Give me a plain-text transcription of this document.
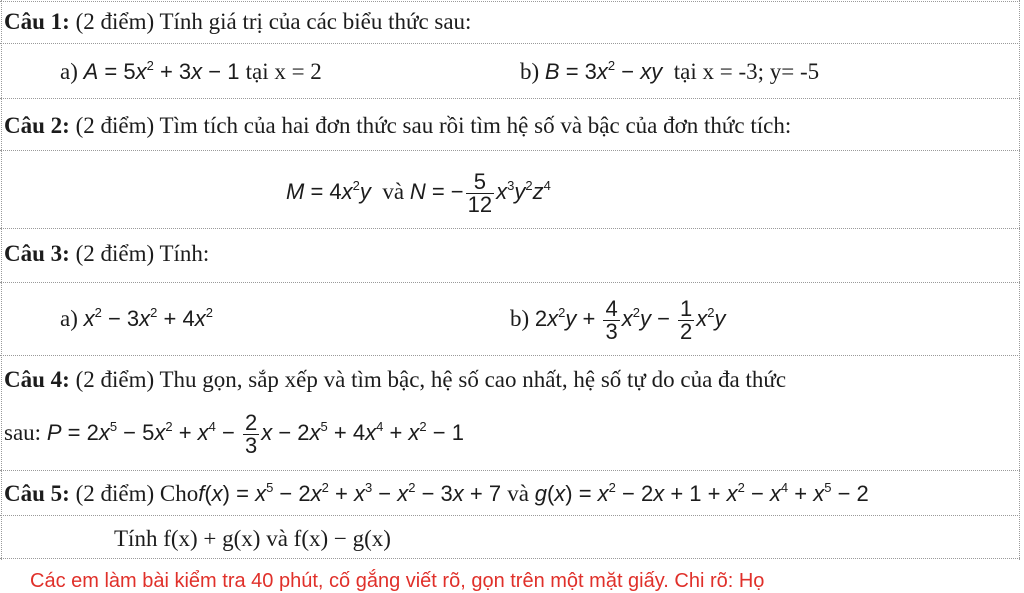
Câu 1: (2 điểm) Tính giá trị của các biểu thức sau:
a) $A = 5x^2 + 3x - 1$ tại x = 2	b) $B = 3x^2$ − xy tại x = -3; y= -5
Câu 2: (2 điểm) Tìm tích của hai đơn thức sau rồi tìm hệ số và bậc của đơn thức tích:
$M = 4x^2y$ và N = − $\frac{5}{12} x^3y^2z^4$
Câu 3: (2 điểm) Tính:
a) $x^2 - 3x^2 + 4x^2$	b) $2x^2y + \frac{4}{3} x^2y - \frac{1}{2} x^2y$
Câu 4: (2 điểm) Thu gọn, sắp xếp và tìm bậc, hệ số cao nhất, hệ số tự do của đa thức
sau: $P = 2x^5 - 5x^2 + x^4 - \frac{2}{3}$ $x - 2x^5 + 4x^4 + x^2 - 1$
Câu 5: (2 điểm) Chof(x) = $x^5 - 2x^2 + x^3 - x^2 - 3x + 7$ và $g(x) = x^2 - 2x + 1 + x^2 - x^4 + x^5 - 2$
Tính f(x) + g(x) và f(x) − g(x)
Các em làm bài kiểm tra 40 phút, cố gắng viết rõ, gọn trên một mặt giấy. Chi rõ: Họ
